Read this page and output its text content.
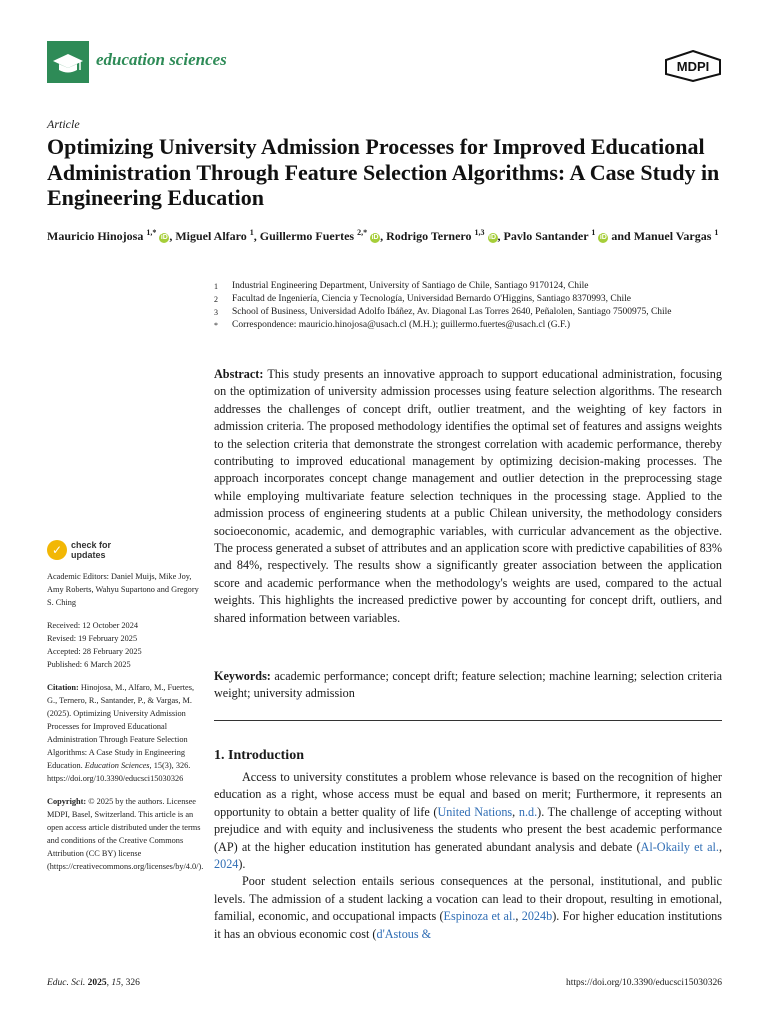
education sciences	MDPI
Article
Optimizing University Admission Processes for Improved Educational Administration Through Feature Selection Algorithms: A Case Study in Engineering Education
Mauricio Hinojosa $^{1,*}$ iD , Miguel Alfaro $^1$, Guillermo Fuertes $^{2,*}$ iD , Rodrigo Ternero $^{1,3}$ iD , Pavlo Santander $^1$ iD and Manuel Vargas $^1$
1	Industrial Engineering Department, University of Santiago de Chile, Santiago 9170124, Chile
2	Facultad de Ingeniería, Ciencia y Tecnología, Universidad Bernardo O'Higgins, Santiago 8370993, Chile
3	School of Business, Universidad Adolfo Ibáñez, Av. Diagonal Las Torres 2640, Peñalolen, Santiago 7500975, Chile
*	Correspondence: mauricio.hinojosa@usach.cl (M.H.); guillermo.fuertes@usach.cl (G.F.)
Abstract: This study presents an innovative approach to support educational administration, focusing on the optimization of university admission processes using feature selection algorithms. The research addresses the challenges of concept drift, outlier treatment, and the weighting of key factors in admission criteria. The proposed methodology identifies the optimal set of features and assigns weights to the selection criteria that demonstrate the strongest correlation with academic performance, thereby contributing to improved educational management by optimizing decision-making processes. The approach incorporates concept change management and outlier detection in the preprocessing stage while employing multivariate feature selection techniques in the processing stage. Applied to the admission process of engineering students at a public Chilean university, the methodology considers socioeconomic, academic, and demographic variables, with curricular advancement as the objective. The process generated a subset of attributes and an application score with predictive capabilities of 83% and 84%, respectively. The results show a significantly greater association between the application score and academic performance when the methodology's weights are used, compared to the actual weights. This highlights the increased predictive power by accounting for concept drift, outliers, and shared information between variables.
Keywords: academic performance; concept drift; feature selection; machine learning; selection criteria weight; university admission
1. Introduction

Access to university constitutes a problem whose relevance is based on the recognition of higher education as a right, whose access must be equal and based on merit; Furthermore, it represents an opportunity to obtain a better quality of life (United Nations, n.d.). The challenge of accepting without prejudice and with equity and inclusiveness the students who present the best academic performance (AP) at the higher education institution has generated abundant analysis and debate (Al-Okaily et al., 2024).

Poor student selection entails serious consequences at the personal, institutional, and public levels. The admission of a student lacking a vocation can lead to their dropout, resulting in emotional, familial, economic, and occupational impacts (Espinoza et al., 2024b). For higher education institutions it has an obvious economic cost (d'Astous &

✓ check for
updates
Academic Editors: Daniel Muijs, Mike Joy, Amy Roberts, Wahyu Supartono and Gregory S. Ching
Received: 12 October 2024
Revised: 19 February 2025
Accepted: 28 February 2025
Published: 6 March 2025
Citation: Hinojosa, M., Alfaro, M., Fuertes, G., Ternero, R., Santander, P., & Vargas, M. (2025). Optimizing University Admission Processes for Improved Educational Administration Through Feature Selection Algorithms: A Case Study in Engineering Education. Education Sciences, 15(3), 326. https://doi.org/10.3390/educsci15030326
Copyright: © 2025 by the authors. Licensee MDPI, Basel, Switzerland. This article is an open access article distributed under the terms and conditions of the Creative Commons Attribution (CC BY) license (https://creativecommons.org/licenses/by/4.0/).
Educ. Sci. 2025, 15, 326	https://doi.org/10.3390/educsci15030326
